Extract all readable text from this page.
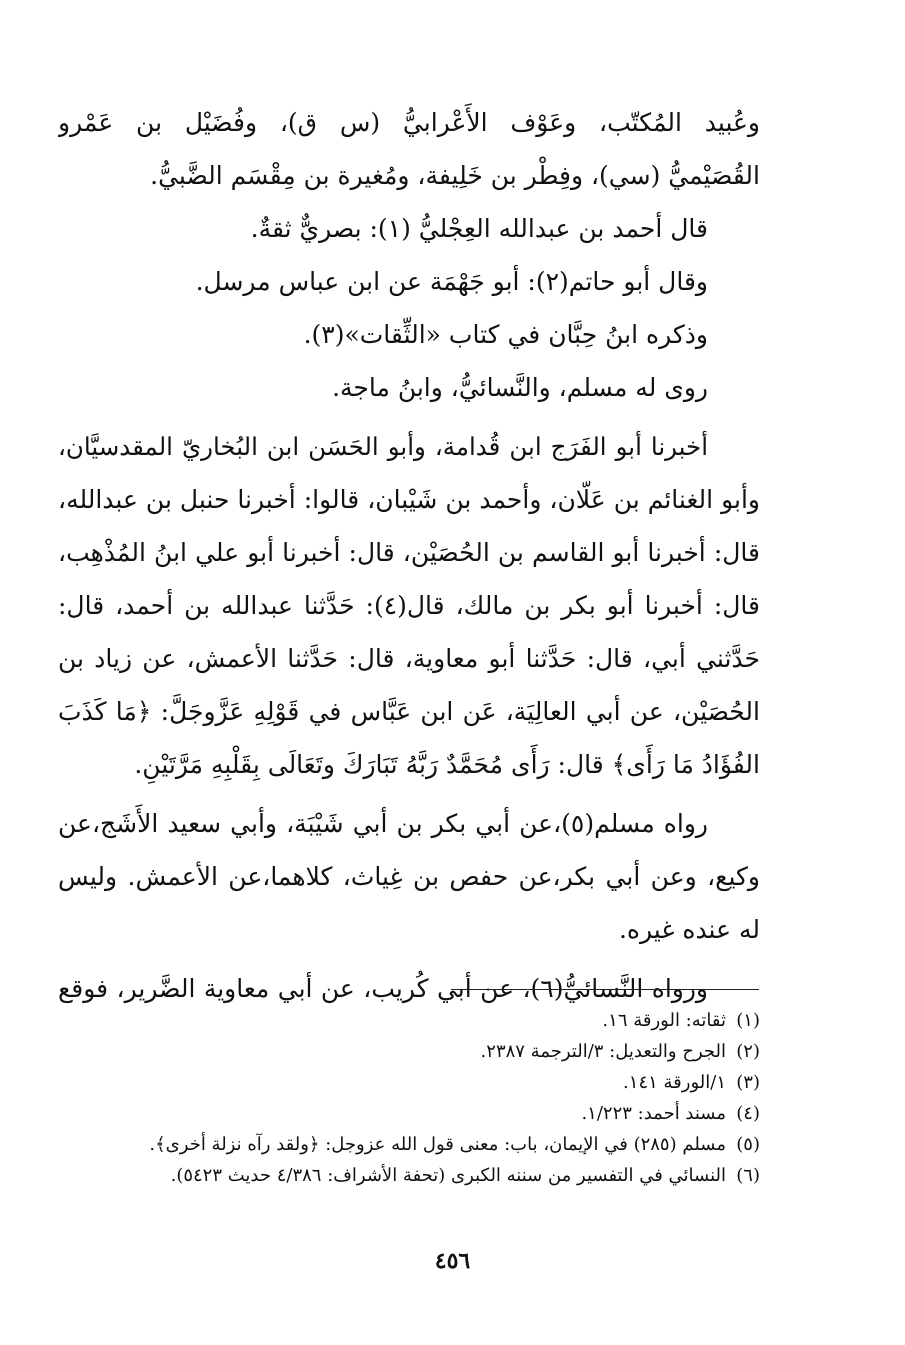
وعُبيد المُكتّب، وعَوْف الأَعْرابيُّ (س ق)، وفُضَيْل بن عَمْرو
القُصَيْميُّ (سي)، وفِطْر بن خَلِيفة، ومُغيرة بن مِقْسَم الضَّبيُّ.
قال أحمد بن عبدالله العِجْليُّ (١): بصريٌّ ثقةٌ.
وقال أبو حاتم(٢): أبو جَهْمَة عن ابن عباس مرسل.
وذكره ابنُ حِبَّان في كتاب «الثِّقات»(٣).
روى له مسلم، والنَّسائيُّ، وابنُ ماجة.
أخبرنا أبو الفَرَج ابن قُدامة، وأبو الحَسَن ابن البُخاريّ المقدسيَّان،
وأبو الغنائم بن عَلّان، وأحمد بن شَيْبان، قالوا: أخبرنا حنبل بن عبدالله،
قال: أخبرنا أبو القاسم بن الحُصَيْن، قال: أخبرنا أبو علي ابنُ المُذْهِب،
قال: أخبرنا أبو بكر بن مالك، قال(٤): حَدَّثنا عبدالله بن أحمد، قال:
حَدَّثني أبي، قال: حَدَّثنا أبو معاوية، قال: حَدَّثنا الأعمش، عن زياد بن
الحُصَيْن، عن أبي العالِيَة، عَن ابن عَبَّاس في قَوْلِهِ عَزَّوجَلَّ: ﴿مَا كَذَبَ
الفُؤَادُ مَا رَأَى﴾ قال: رَأَى مُحَمَّدٌ رَبَّهُ تَبَارَكَ وتَعَالَى بِقَلْبِهِ مَرَّتَيْنِ.
رواه مسلم(٥)،عن أبي بكر بن أبي شَيْبَة، وأبي سعيد الأَشَج،عن
وكيع، وعن أبي بكر،عن حفص بن غِياث، كلاهما،عن الأعمش. وليس
له عنده غيره.
ورواه النَّسائيُّ(٦)، عن أبي كُريب، عن أبي معاوية الضَّرير، فوقع
(١)ثقاته: الورقة ١٦.
(٢)الجرح والتعديل: ٣/الترجمة ٢٣٨٧.
(٣)١/الورقة ١٤١.
(٤)مسند أحمد: ١/٢٢٣.
(٥)مسلم (٢٨٥) في الإيمان، باب: معنى قول الله عزوجل: ﴿ولقد رآه نزلة أخرى﴾.
(٦)النسائي في التفسير من سننه الكبرى (تحفة الأشراف: ٤/٣٨٦ حديث ٥٤٢٣).
٤٥٦
